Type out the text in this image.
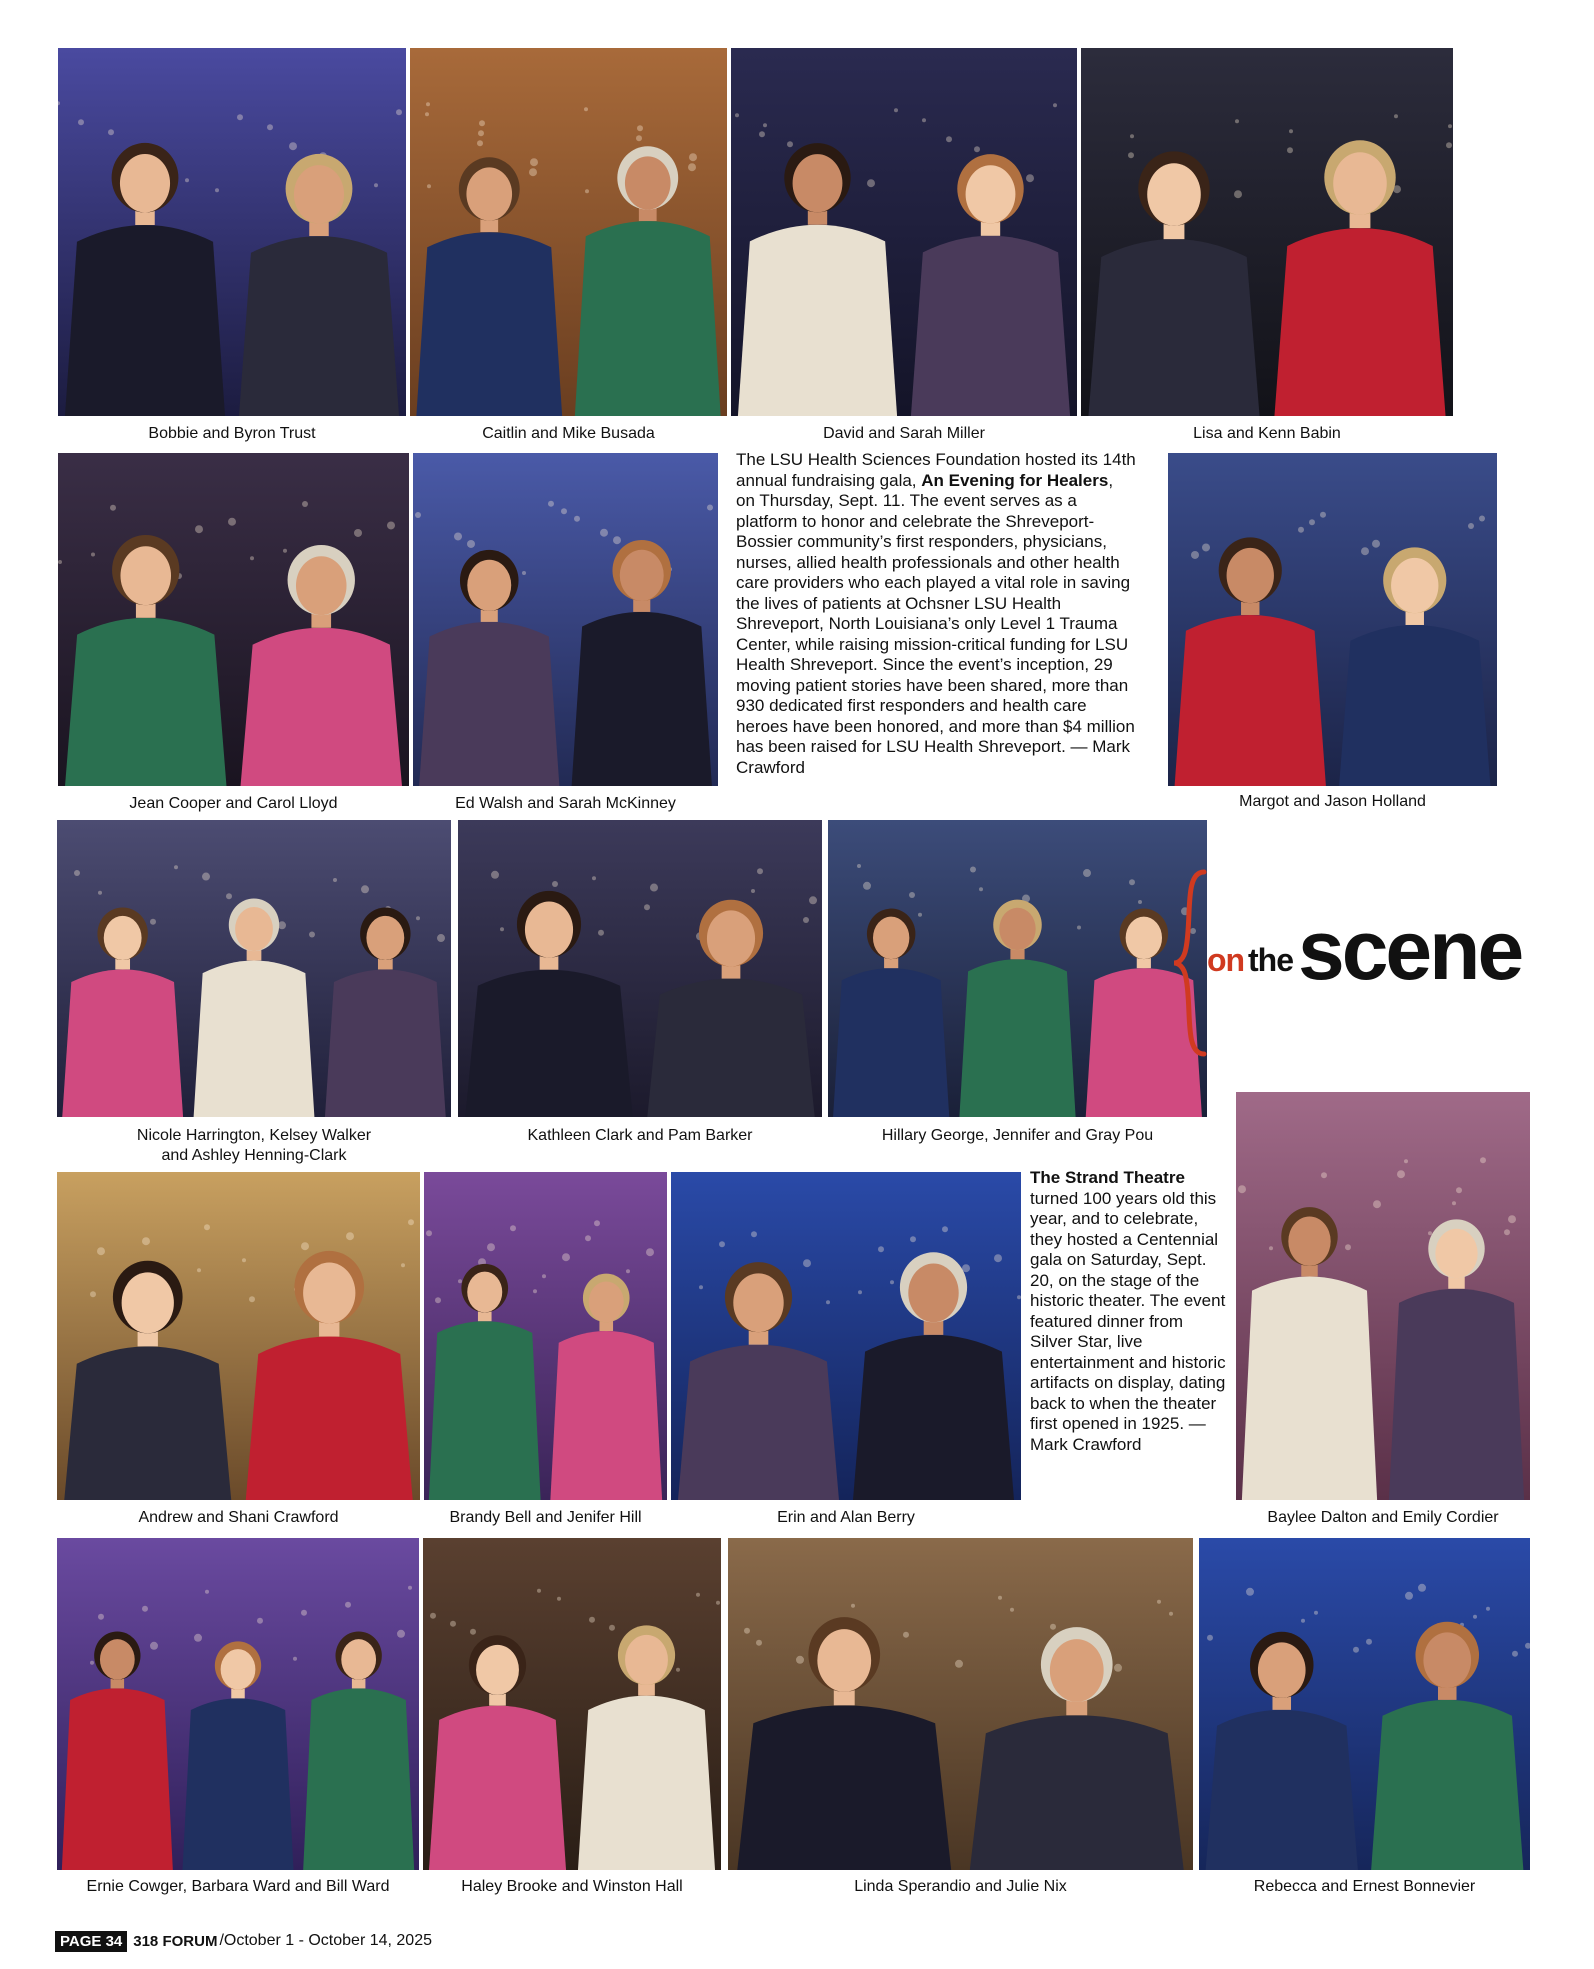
Bobbie and Byron Trust	Caitlin and Mike Busada	David and Sarah Miller	Lisa and Kenn Babin
Jean Cooper and Carol Lloyd	Ed Walsh and Sarah McKinney
The LSU Health Sciences Foundation hosted its 14th annual fundraising gala, An Evening for Healers, on Thursday, Sept. 11. The event serves as a platform to honor and celebrate the Shreveport-Bossier community’s first responders, physicians, nurses, allied health professionals and other health care providers who each played a vital role in saving the lives of patients at Ochsner LSU Health Shreveport, North Louisiana’s only Level 1 Trauma Center, while raising mission-critical funding for LSU Health Shreveport. Since the event’s inception, 29 moving patient stories have been shared, more than 930 dedicated first responders and health care heroes have been honored, and more than $4 million has been raised for LSU Health Shreveport. — Mark Crawford
Margot and Jason Holland
Nicole Harrington, Kelsey Walker
and Ashley Henning-Clark
Kathleen Clark and Pam Barker	Hillary George, Jennifer and Gray Pou
on the scene
Baylee Dalton and Emily Cordier
Andrew and Shani Crawford	Brandy Bell and Jenifer Hill	Erin and Alan Berry
The Strand Theatre turned 100 years old this year, and to celebrate, they hosted a Centennial gala on Saturday, Sept. 20, on the stage of the historic theater. The event featured dinner from Silver Star, live entertainment and historic artifacts on display, dating back to when the theater first opened in 1925. — Mark Crawford
Ernie Cowger, Barbara Ward and Bill Ward	Haley Brooke and Winston Hall	Linda Sperandio and Julie Nix	Rebecca and Ernest Bonnevier
PAGE 34 318 FORUM /October 1 - October 14, 2025
